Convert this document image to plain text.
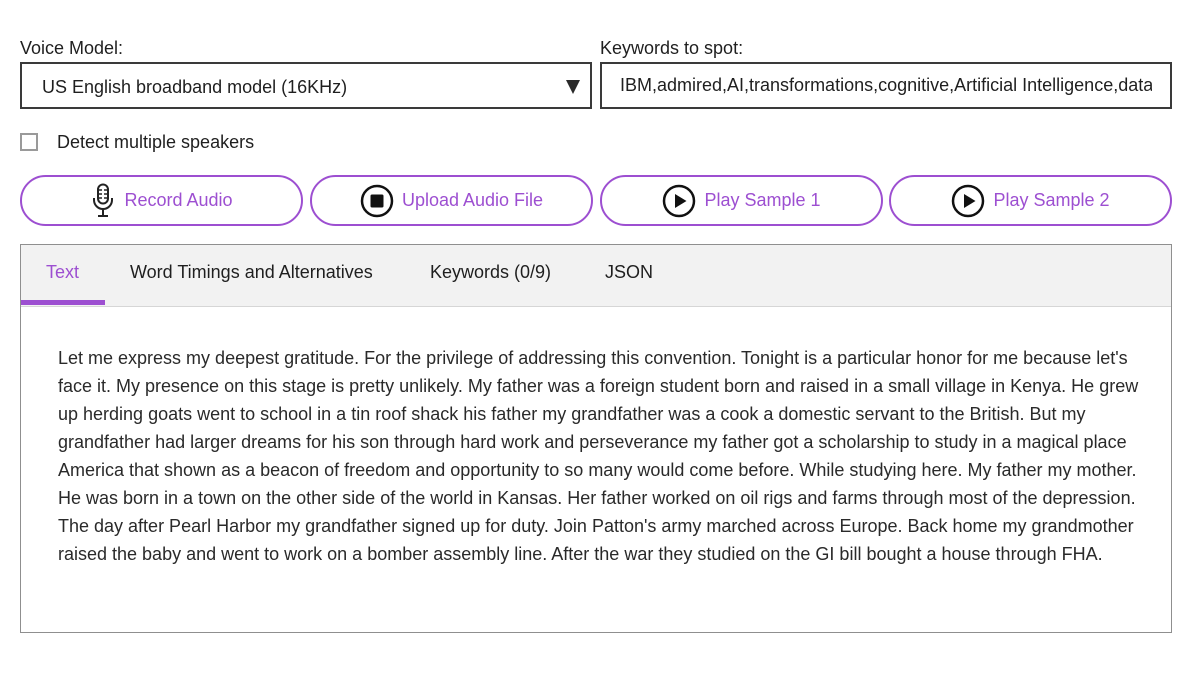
Voice Model:
US English broadband model (16KHz)
Keywords to spot:
IBM,admired,AI,transformations,cognitive,Artificial Intelligence,data
Detect multiple speakers
Record Audio	Upload Audio File	Play Sample 1	Play Sample 2
Text	Word Timings and Alternatives	Keywords (0/9)	JSON

Let me express my deepest gratitude. For the privilege of addressing this convention. Tonight is a particular honor for me because let's face it. My presence on this stage is pretty unlikely. My father was a foreign student born and raised in a small village in Kenya. He grew up herding goats went to school in a tin roof shack his father my grandfather was a cook a domestic servant to the British. But my grandfather had larger dreams for his son through hard work and perseverance my father got a scholarship to study in a magical place America that shown as a beacon of freedom and opportunity to so many would come before. While studying here. My father my mother. He was born in a town on the other side of the world in Kansas. Her father worked on oil rigs and farms through most of the depression. The day after Pearl Harbor my grandfather signed up for duty. Join Patton's army marched across Europe. Back home my grandmother raised the baby and went to work on a bomber assembly line. After the war they studied on the GI bill bought a house through FHA.
